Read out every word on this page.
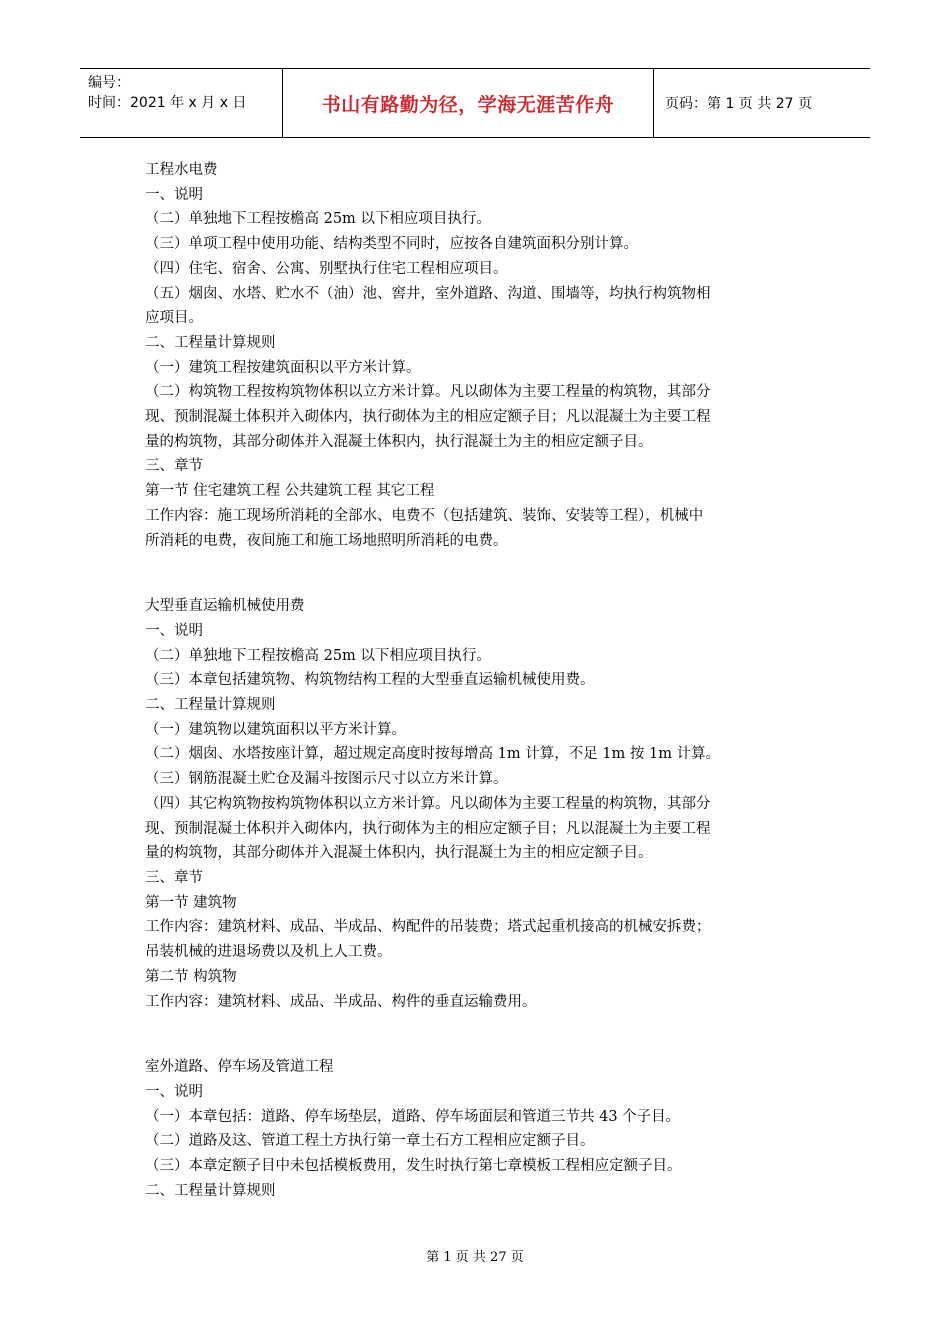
编号：
时间：2021 年 x 月 x 日	书山有路勤为径，学海无涯苦作舟	页码：第 1 页 共 27 页

工程水电费

一、说明

（二）单独地下工程按檐高 25m 以下相应项目执行。

（三）单项工程中使用功能、结构类型不同时，应按各自建筑面积分别计算。

（四）住宅、宿舍、公寓、别墅执行住宅工程相应项目。

（五）烟囱、水塔、贮水不（油）池、窖井，室外道路、沟道、围墙等，均执行构筑物相

应项目。

二、工程量计算规则

（一）建筑工程按建筑面积以平方米计算。

（二）构筑物工程按构筑物体积以立方米计算。凡以砌体为主要工程量的构筑物，其部分

现、预制混凝土体积并入砌体内，执行砌体为主的相应定额子目；凡以混凝土为主要工程

量的构筑物，其部分砌体并入混凝土体积内，执行混凝土为主的相应定额子目。

三、章节

第一节 住宅建筑工程 公共建筑工程 其它工程

工作内容：施工现场所消耗的全部水、电费不（包括建筑、装饰、安装等工程），机械中

所消耗的电费，夜间施工和施工场地照明所消耗的电费。

大型垂直运输机械使用费

一、说明

（二）单独地下工程按檐高 25m 以下相应项目执行。

（三）本章包括建筑物、构筑物结构工程的大型垂直运输机械使用费。

二、工程量计算规则

（一）建筑物以建筑面积以平方米计算。

（二）烟囱、水塔按座计算，超过规定高度时按每增高 1m 计算，不足 1m 按 1m 计算。

（三）钢筋混凝土贮仓及漏斗按图示尺寸以立方米计算。

（四）其它构筑物按构筑物体积以立方米计算。凡以砌体为主要工程量的构筑物，其部分

现、预制混凝土体积并入砌体内，执行砌体为主的相应定额子目；凡以混凝土为主要工程

量的构筑物，其部分砌体并入混凝土体积内，执行混凝土为主的相应定额子目。

三、章节

第一节 建筑物

工作内容：建筑材料、成品、半成品、构配件的吊装费；塔式起重机接高的机械安拆费；

吊装机械的进退场费以及机上人工费。

第二节 构筑物

工作内容：建筑材料、成品、半成品、构件的垂直运输费用。

室外道路、停车场及管道工程

一、说明

（一）本章包括：道路、停车场垫层，道路、停车场面层和管道三节共 43 个子目。

（二）道路及这、管道工程土方执行第一章土石方工程相应定额子目。

（三）本章定额子目中未包括模板费用，发生时执行第七章模板工程相应定额子目。

二、工程量计算规则

第 1 页 共 27 页
